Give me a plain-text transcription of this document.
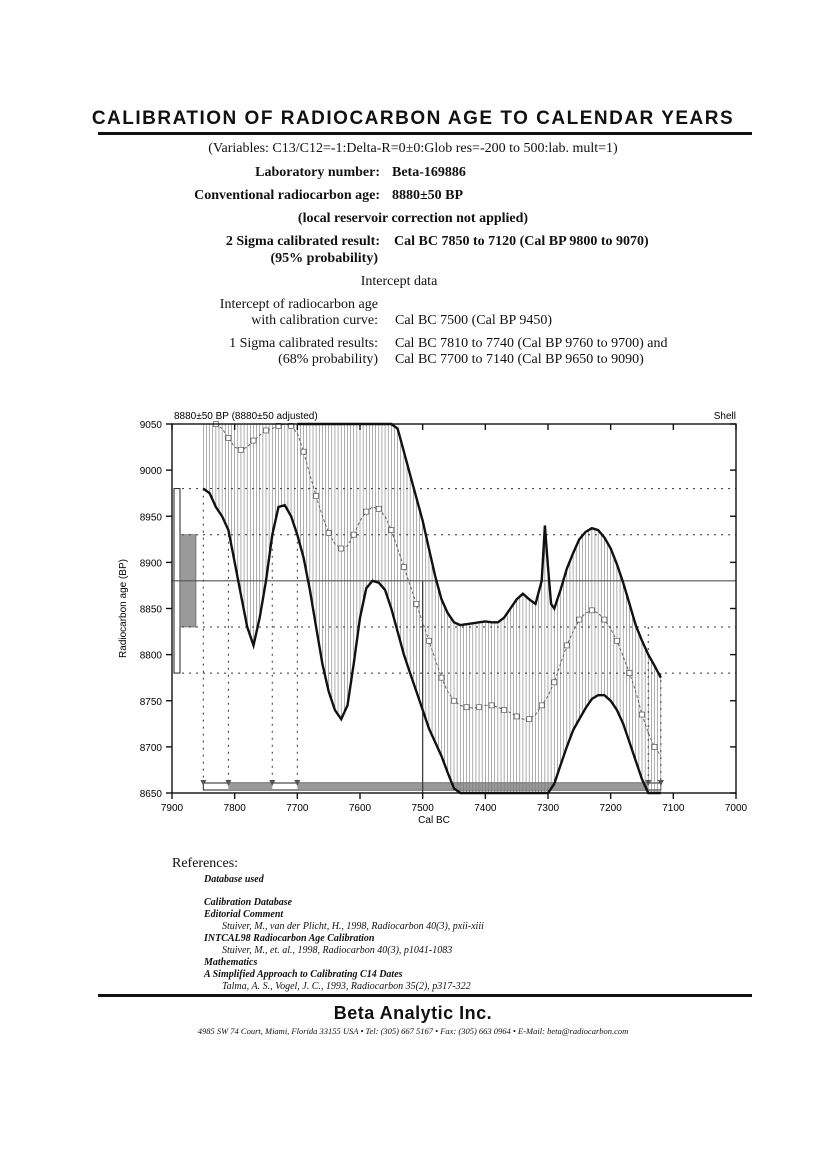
CALIBRATION OF RADIOCARBON AGE TO CALENDAR YEARS
(Variables: C13/C12=-1:Delta-R=0±0:Glob res=-200 to 500:lab. mult=1)
Laboratory number: Beta-169886
Conventional radiocarbon age: 8880±50 BP
(local reservoir correction not applied)
2 Sigma calibrated result: Cal BC 7850 to 7120 (Cal BP 9800 to 9070)
(95% probability)
Intercept data
Intercept of radiocarbon age
with calibration curve: Cal BC 7500 (Cal BP 9450)
1 Sigma calibrated results: Cal BC 7810 to 7740 (Cal BP 9760 to 9700) and
(68% probability) Cal BC 7700 to 7140 (Cal BP 9650 to 9090)
7900	7800	7700	7600	7500	7400	7300	7200	7100	7000
8650
8700
8750
8800
8850
8900
8950
9000
9050
8880±50 BP (8880±50 adjusted)	Shell
Cal BC
Radiocarbon age (BP)
References:
Database used
Calibration Database
Editorial Comment
Stuiver, M., van der Plicht, H., 1998, Radiocarbon 40(3), pxii-xiii
INTCAL98 Radiocarbon Age Calibration
Stuiver, M., et. al., 1998, Radiocarbon 40(3), p1041-1083
Mathematics
A Simplified Approach to Calibrating C14 Dates
Talma, A. S., Vogel, J. C., 1993, Radiocarbon 35(2), p317-322
Beta Analytic Inc.
4985 SW 74 Court, Miami, Florida 33155 USA • Tel: (305) 667 5167 • Fax: (305) 663 0964 • E-Mail: beta@radiocarbon.com
